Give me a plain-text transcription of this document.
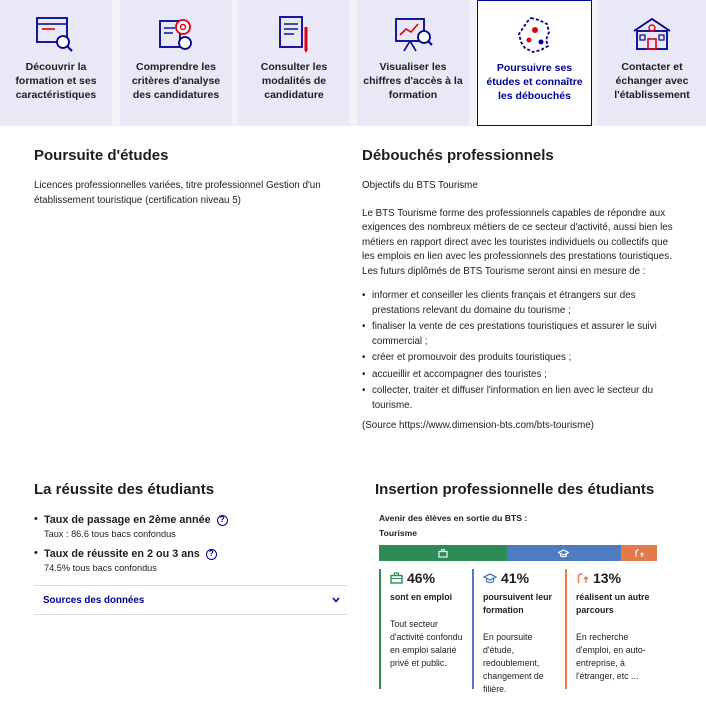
Découvrir la formation et ses caractéristiques
Comprendre les critères d'analyse des candidatures
Consulter les modalités de candidature
Visualiser les chiffres d'accès à la formation
Poursuivre ses études et connaître les débouchés
Contacter et échanger avec l'établissement
Poursuite d'études

Licences professionnelles variées, titre professionnel Gestion d'un établissement touristique (certification niveau 5)

Débouchés professionnels

Objectifs du BTS Tourisme

Le BTS Tourisme forme des professionnels capables de répondre aux exigences des nombreux métiers de ce secteur d'activité, aussi bien les métiers en rapport direct avec les touristes individuels ou collectifs que les emplois en lien avec les professionnels des prestations touristiques. Les futurs diplômés de BTS Tourisme seront ainsi en mesure de :

• informer et conseiller les clients français et étrangers sur des prestations relevant du domaine du tourisme ;
• finaliser la vente de ces prestations touristiques et assurer le suivi commercial ;
• créer et promouvoir des produits touristiques ;
• accueillir et accompagner des touristes ;
• collecter, traiter et diffuser l'information en lien avec le secteur du tourisme.

(Source https://www.dimension-bts.com/bts-tourisme)

La réussite des étudiants
• Taux de passage en 2ème année	?
Taux : 86.6 tous bacs confondus
• Taux de réussite en 2 ou 3 ans	?
74.5% tous bacs confondus
Sources des données
Insertion professionnelle des étudiants
Avenir des élèves en sortie du BTS :
Tourisme
46%
sont en emploi
Tout secteur d'activité confondu en emploi salarié privé et public.
41%
poursuivent leur formation
En poursuite d'étude, redoublement, changement de filière.
13%
réalisent un autre parcours
En recherche d'emploi, en auto-entreprise, à l'étranger, etc ...
